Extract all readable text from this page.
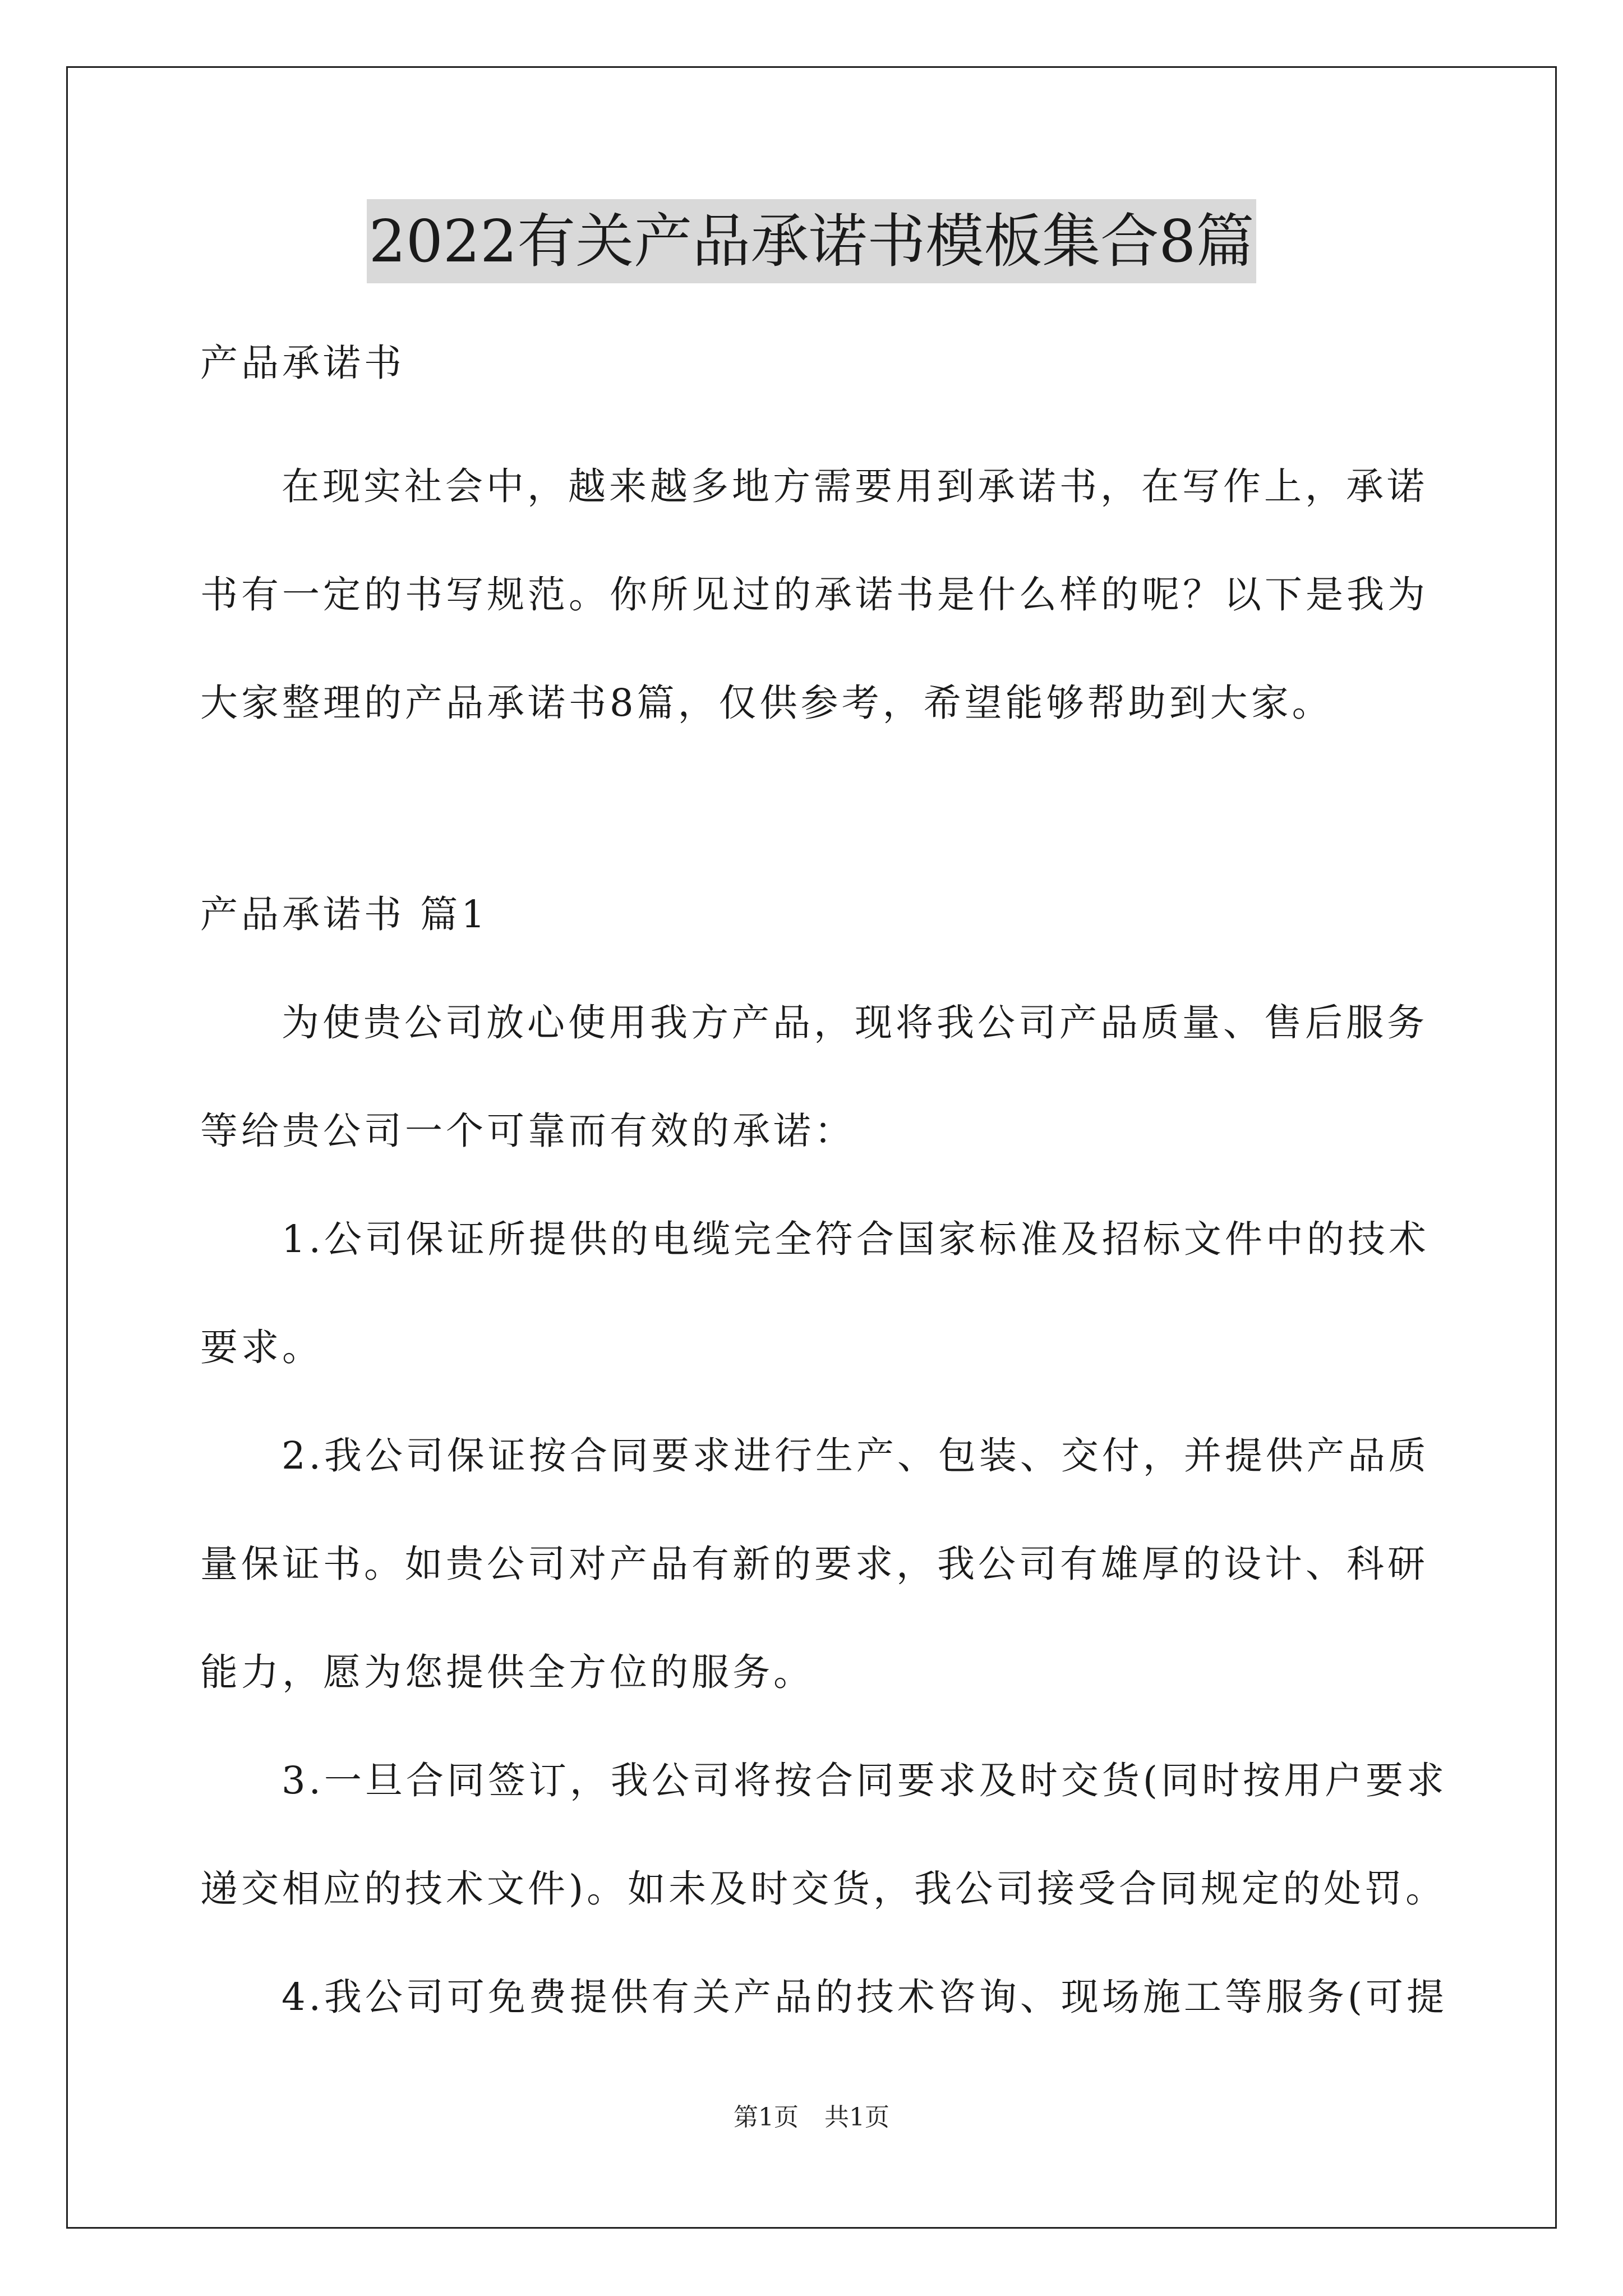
2022有关产品承诺书模板集合8篇
产品承诺书
在现实社会中，越来越多地方需要用到承诺书，在写作上，承诺
书有一定的书写规范。你所见过的承诺书是什么样的呢？以下是我为
大家整理的产品承诺书8篇，仅供参考，希望能够帮助到大家。
产品承诺书 篇1
为使贵公司放心使用我方产品，现将我公司产品质量、售后服务
等给贵公司一个可靠而有效的承诺：
1.公司保证所提供的电缆完全符合国家标准及招标文件中的技术
要求。
2.我公司保证按合同要求进行生产、包装、交付，并提供产品质
量保证书。如贵公司对产品有新的要求，我公司有雄厚的设计、科研
能力，愿为您提供全方位的服务。
3.一旦合同签订，我公司将按合同要求及时交货(同时按用户要求
递交相应的技术文件)。如未及时交货，我公司接受合同规定的处罚。
4.我公司可免费提供有关产品的技术咨询、现场施工等服务(可提
第1页 共1页
